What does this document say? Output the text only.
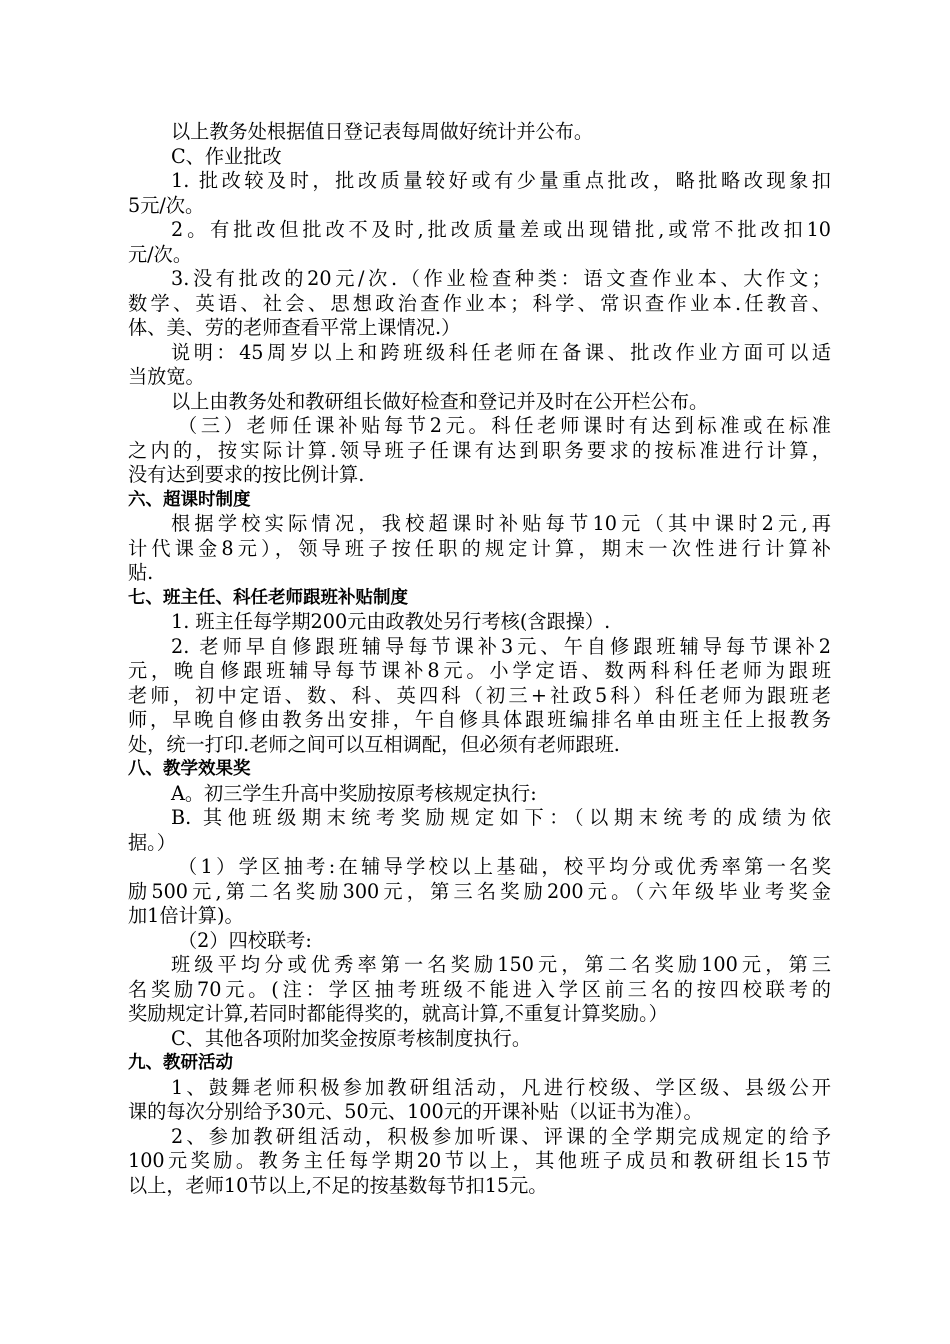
以上教务处根据值日登记表每周做好统计并公布。
C、作业批改
1. 批改较及时，批改质量较好或有少量重点批改，略批略改现象扣
5元/次。
2。有批改但批改不及时,批改质量差或出现错批,或常不批改扣10
元/次。
3.没有批改的20元/次.（作业检查种类：语文查作业本、大作文；
数学、英语、社会、思想政治查作业本；科学、常识查作业本.任教音、
体、美、劳的老师查看平常上课情况.）
说明：45周岁以上和跨班级科任老师在备课、批改作业方面可以适
当放宽。
以上由教务处和教研组长做好检查和登记并及时在公开栏公布。
（三）老师任课补贴每节2元。科任老师课时有达到标准或在标准
之内的，按实际计算.领导班子任课有达到职务要求的按标准进行计算，
没有达到要求的按比例计算.
六、超课时制度
根据学校实际情况，我校超课时补贴每节10元（其中课时2元,再
计代课金8元），领导班子按任职的规定计算，期末一次性进行计算补
贴.
七、班主任、科任老师跟班补贴制度
1. 班主任每学期200元由政教处另行考核(含跟操）.
2. 老师早自修跟班辅导每节课补3元、午自修跟班辅导每节课补2
元，晚自修跟班辅导每节课补8元。小学定语、数两科科任老师为跟班
老师，初中定语、数、科、英四科（初三+社政5科）科任老师为跟班老
师，早晚自修由教务出安排，午自修具体跟班编排名单由班主任上报教务
处，统一打印.老师之间可以互相调配，但必须有老师跟班.
八、教学效果奖
A。初三学生升高中奖励按原考核规定执行:
B. 其他班级期末统考奖励规定如下：（以期末统考的成绩为依
据。）
（1）学区抽考:在辅导学校以上基础，校平均分或优秀率第一名奖
励500元,第二名奖励300元，第三名奖励200元。（六年级毕业考奖金
加1倍计算)。
（2）四校联考:
班级平均分或优秀率第一名奖励150元，第二名奖励100元，第三
名奖励70元。(注：学区抽考班级不能进入学区前三名的按四校联考的
奖励规定计算,若同时都能得奖的，就高计算,不重复计算奖励。）
C、其他各项附加奖金按原考核制度执行。
九、教研活动
1、鼓舞老师积极参加教研组活动，凡进行校级、学区级、县级公开
课的每次分别给予30元、50元、100元的开课补贴（以证书为准）。
2、参加教研组活动，积极参加听课、评课的全学期完成规定的给予
100元奖励。教务主任每学期20节以上，其他班子成员和教研组长15节
以上，老师10节以上,不足的按基数每节扣15元。
